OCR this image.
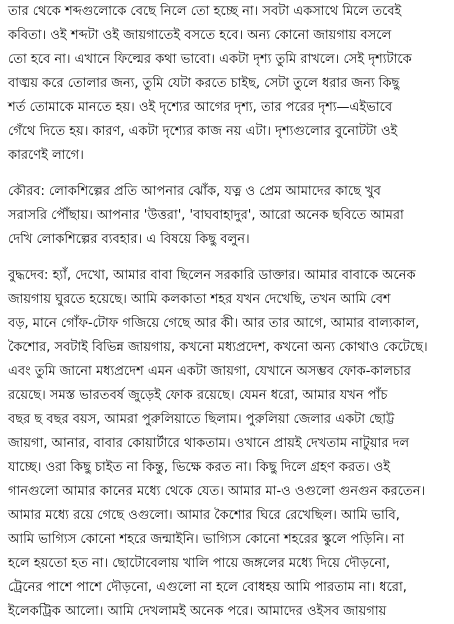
তার থেকে শব্দগুলোকে বেছে নিলে তো হচ্ছে না। সবটা একসাথে মিলে তবেই
কবিতা। ওই শব্দটা ওই জায়গাতেই বসতে হবে। অন্য কোনো জায়গায় বসলে
তো হবে না। এখানে ফিল্মের কথা ভাবো। একটা দৃশ্য তুমি রাখলে। সেই দৃশ্যটাকে
বাঙ্ময় করে তোলার জন্য, তুমি যেটা করতে চাইছ, সেটা তুলে ধরার জন্য কিছু
শর্ত তোমাকে মানতে হয়। ওই দৃশ্যের আগের দৃশ্য, তার পরের দৃশ্য—এইভাবে
গেঁথে দিতে হয়। কারণ, একটা দৃশ্যের কাজ নয় এটা। দৃশ্যগুলোর বুনোটটা ওই
কারণেই লাগে।
কৌরব: লোকশিল্পের প্রতি আপনার ঝোঁক, যত্ন ও প্রেম আমাদের কাছে খুব
সরাসরি পৌঁছায়। আপনার 'উত্তরা', 'বাঘবাহাদুর', আরো অনেক ছবিতে আমরা
দেখি লোকশিল্পের ব্যবহার। এ বিষয়ে কিছু বলুন।
বুদ্ধদেব: হ্যাঁ, দেখো, আমার বাবা ছিলেন সরকারি ডাক্তার। আমার বাবাকে অনেক
জায়গায় ঘুরতে হয়েছে। আমি কলকাতা শহর যখন দেখেছি, তখন আমি বেশ
বড়, মানে গোঁফ-টোফ গজিয়ে গেছে আর কী। আর তার আগে, আমার বাল্যকাল,
কৈশোর, সবটাই বিভিন্ন জায়গায়, কখনো মধ্যপ্রদেশ, কখনো অন্য কোথাও কেটেছে।
এবং তুমি জানো মধ্যপ্রদেশ এমন একটা জায়গা, যেখানে অসম্ভব ফোক-কালচার
রয়েছে। সমস্ত ভারতবর্ষ জুড়েই ফোক রয়েছে। যেমন ধরো, আমার যখন পাঁচ
বছর ছ বছর বয়স, আমরা পুরুলিয়াতে ছিলাম। পুরুলিয়া জেলার একটা ছোট্ট
জায়গা, আনার, বাবার কোয়ার্টারে থাকতাম। ওখানে প্রায়ই দেখতাম নাটুয়ার দল
যাচ্ছে। ওরা কিছু চাইত না কিন্তু, ভিক্ষে করত না। কিছু দিলে গ্রহণ করত। ওই
গানগুলো আমার কানের মধ্যে থেকে যেত। আমার মা-ও ওগুলো গুনগুন করতেন।
আমার মধ্যে রয়ে গেছে ওগুলো। আমার কৈশোর ঘিরে রেখেছিল। আমি ভাবি,
আমি ভাগ্যিস কোনো শহরে জন্মাইনি। ভাগ্যিস কোনো শহরের স্কুলে পড়িনি। না
হলে হয়তো হত না। ছোটোবেলায় খালি পায়ে জঙ্গলের মধ্যে দিয়ে দৌড়নো,
ট্রেনের পাশে পাশে দৌড়নো, এগুলো না হলে বোধহয় আমি পারতাম না। ধরো,
ইলেকট্রিক আলো। আমি দেখলামই অনেক পরে। আমাদের ওইসব জায়গায়
